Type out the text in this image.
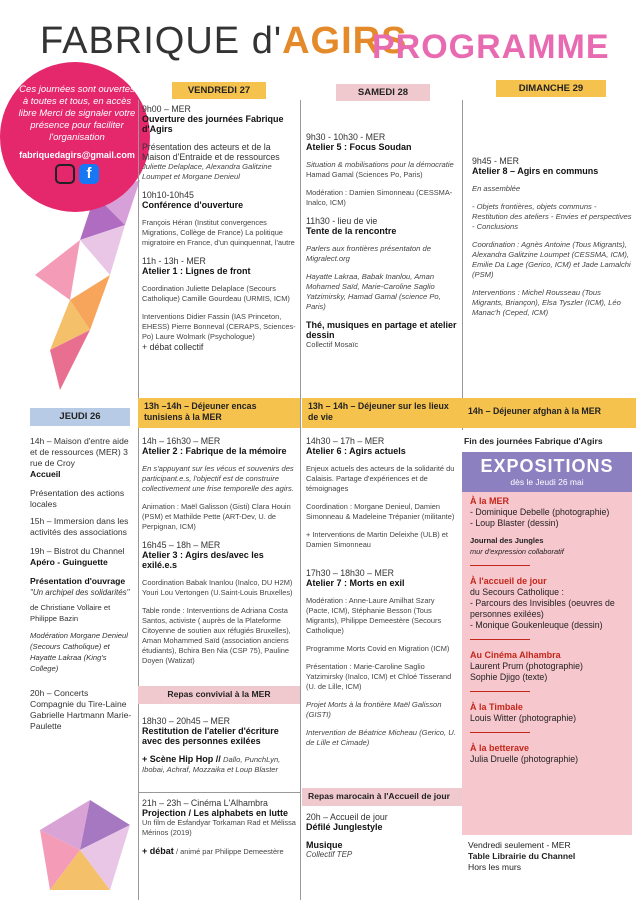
FABRIQUE d'AGIRS
PROGRAMME
Ces journées sont ouvertes à toutes et tous, en accès libre Merci de signaler votre présence pour faciliter l'organisation
fabriquedagirs@gmail.com
f
VENDREDI 27	SAMEDI 28	DIMANCHE 29
JEUDI 26
13h –14h – Déjeuner encas tunisiens à la MER
13h – 14h – Déjeuner sur les lieux de vie
14h – Déjeuner afghan à la MER
14h – Maison d'entre aide et de ressources (MER) 3 rue de Croy
Accueil
Présentation des actions locales
15h – Immersion dans les activités des associations
19h – Bistrot du Channel
Apéro - Guinguette
Présentation d'ouvrage
"Un archipel des solidarités"
de Christiane Vollaire et Philippe Bazin
Modération Morgane Denieul (Secours Catholique) et Hayatte Lakraa (King's College)
20h – Concerts Compagnie du Tire-Laine Gabrielle Hartmann Marie-Paulette
9h00 – MER
Ouverture des journées Fabrique d'Agirs
Présentation des acteurs et de la Maison d'Entraide et de ressources
Juliette Delaplace, Alexandra Galitzine Loumpet et Morgane Denieul
10h10-10h45
Conférence d'ouverture
François Héran (Institut convergences Migrations, Collège de France) La politique migratoire en France, d'un quinquennat, l'autre
11h - 13h - MER
Atelier 1 : Lignes de front
Coordination Juliette Delaplace (Secours Catholique) Camille Gourdeau (URMIS, ICM)
Interventions Didier Fassin (IAS Princeton, EHESS) Pierre Bonneval (CERAPS, Sciences-Po) Laure Wolmark (Psychologue)
+ débat collectif
14h – 16h30 – MER
Atelier 2 : Fabrique de la mémoire
En s'appuyant sur les vécus et souvenirs des participant.e.s, l'objectif est de construire collectivement une frise temporelle des agirs.
Animation : Maël Galisson (Gisti) Clara Houin (PSM) et Mathilde Pette (ART-Dev, U. de Perpignan, ICM)
16h45 – 18h – MER
Atelier 3 : Agirs des/avec les exilé.e.s
Coordination Babak Inanlou (Inalco, DU H2M) Youri Lou Vertongen (U.Saint-Louis Bruxelles)
Table ronde : Interventions de Adriana Costa Santos, activiste ( auprès de la Plateforme Citoyenne de soutien aux réfugiés Bruxelles), Aman Mohammed Saïd (association anciens étudiants), Bchira Ben Nia (CSP 75), Pauline Doyen (Watizat)
Repas convivial à la MER
18h30 – 20h45 – MER
Restitution de l'atelier d'écriture avec des personnes exilées
+ Scène Hip Hop // Dallo, PunchLyn, Ibobai, Achraf, Mozzaika et Loup Blaster
21h – 23h – Cinéma L'Alhambra
Projection / Les alphabets en lutte
Un film de Esfandyar Torkaman Rad et Mélissa Mérinos (2019)
+ débat / animé par Philippe Demeestère
9h30 - 10h30 - MER
Atelier 5 : Focus Soudan
Situation & mobilisations pour la démocratie
Hamad Gamal (Sciences Po, Paris)
Modération : Damien Simonneau (CESSMA-Inalco, ICM)
11h30 - lieu de vie
Tente de la rencontre
Parlers aux frontières présentaton de Migralect.org
Hayatte Lakraa, Babak Inanlou, Aman Mohamed Saïd, Marie-Caroline Saglio Yatzimirsky, Hamad Gamal (science Po, Paris)
Thé, musiques en partage et atelier dessin
Collectif Mosaïc
14h30 – 17h – MER
Atelier 6 : Agirs actuels
Enjeux actuels des acteurs de la solidarité du Calaisis. Partage d'expériences et de témoignages
Coordination : Morgane Denieul, Damien Simonneau & Madeleine Trépanier (militante)
+ Interventions de Martin Deleixhe (ULB) et Damien Simonneau
17h30 – 18h30 – MER
Atelier 7 : Morts en exil
Modération : Anne-Laure Amilhat Szary (Pacte, ICM), Stéphanie Besson (Tous Migrants), Philippe Demeestère (Secours Catholique)
Programme Morts Covid en Migration (ICM)
Présentation : Marie-Caroline Saglio Yatzimirsky (Inalco, ICM) et Chloé Tisserand (U. de Lille, ICM)
Projet Morts à la frontière Maël Galisson (GISTI)
Intervention de Béatrice Micheau (Gerico, U. de Lille et Cimade)
Repas marocain à l'Accueil de jour
20h – Accueil de jour
Défilé Junglestyle
Musique
Collectif TEP
9h45 - MER
Atelier 8 – Agirs en communs
En assemblée
- Objets frontières, objets communs - Restitution des ateliers - Envies et perspectives - Conclusions
Coordination : Agnès Antoine (Tous Migrants), Alexandra Galitzine Loumpet (CESSMA, ICM), Emilie Da Lage (Gerico, ICM) et Jade Lamalchi (PSM)
Interventions : Michel Rousseau (Tous Migrants, Briançon), Elsa Tyszler (ICM), Léo Manac'h (Ceped, ICM)
Fin des journées Fabrique d'Agirs
EXPOSITIONS
dès le Jeudi 26 mai
À la MER
- Dominique Debelle (photographie)
- Loup Blaster (dessin)
Journal des Jungles
mur d'expression collaboratif
À l'accueil de jour
du Secours Catholique :
- Parcours des Invisibles (oeuvres de personnes exilées)
- Monique Goukenleuque (dessin)
Au Cinéma Alhambra
Laurent Prum (photographie)
Sophie Djigo (texte)
À la Timbale
Louis Witter (photographie)
À la betterave
Julia Druelle (photographie)
Vendredi seulement - MER
Table Librairie du Channel
Hors les murs
